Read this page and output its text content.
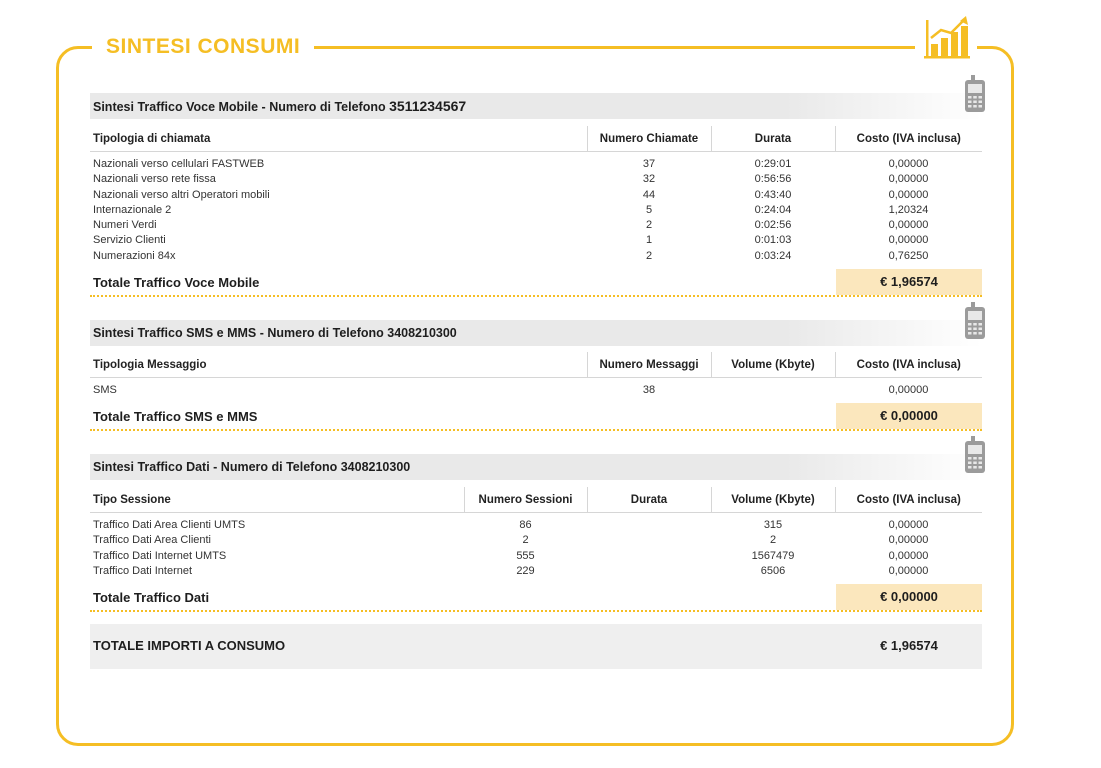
SINTESI CONSUMI
Sintesi Traffico Voce Mobile - Numero di Telefono 3511234567
Tipologia di chiamata	Numero Chiamate	Durata	Costo (IVA inclusa)
Nazionali verso cellulari FASTWEB	37	0:29:01	0,00000
Nazionali verso rete fissa	32	0:56:56	0,00000
Nazionali verso altri Operatori mobili	44	0:43:40	0,00000
Internazionale 2	5	0:24:04	1,20324
Numeri Verdi	2	0:02:56	0,00000
Servizio Clienti	1	0:01:03	0,00000
Numerazioni 84x	2	0:03:24	0,76250
Totale Traffico Voce Mobile	€ 1,96574
Sintesi Traffico SMS e MMS - Numero di Telefono 3408210300
Tipologia Messaggio	Numero Messaggi	Volume (Kbyte)	Costo (IVA inclusa)
SMS	38		0,00000
Totale Traffico SMS e MMS	€ 0,00000
Sintesi Traffico Dati - Numero di Telefono 3408210300
Tipo Sessione	Numero Sessioni	Durata	Volume (Kbyte)	Costo (IVA inclusa)
Traffico Dati Area Clienti UMTS	86		315	0,00000
Traffico Dati Area Clienti	2		2	0,00000
Traffico Dati Internet UMTS	555		1567479	0,00000
Traffico Dati Internet	229		6506	0,00000
Totale Traffico Dati	€ 0,00000
TOTALE IMPORTI A CONSUMO	€ 1,96574
